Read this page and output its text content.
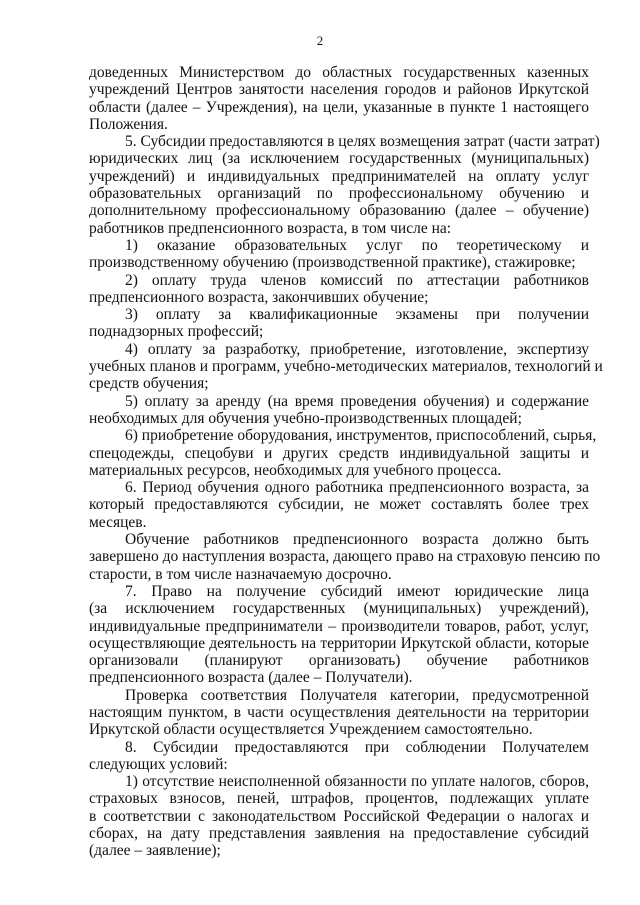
2
доведенных Министерством до областных государственных казенных
учреждений Центров занятости населения городов и районов Иркутской
области (далее – Учреждения), на цели, указанные в пункте 1 настоящего
Положения.
5. Субсидии предоставляются в целях возмещения затрат (части затрат)
юридических лиц (за исключением государственных (муниципальных)
учреждений) и индивидуальных предпринимателей на оплату услуг
образовательных организаций по профессиональному обучению и
дополнительному профессиональному образованию (далее – обучение)
работников предпенсионного возраста, в том числе на:
1) оказание образовательных услуг по теоретическому и
производственному обучению (производственной практике), стажировке;
2) оплату труда членов комиссий по аттестации работников
предпенсионного возраста, закончивших обучение;
3) оплату за квалификационные экзамены при получении
поднадзорных профессий;
4) оплату за разработку, приобретение, изготовление, экспертизу
учебных планов и программ, учебно-методических материалов, технологий и
средств обучения;
5) оплату за аренду (на время проведения обучения) и содержание
необходимых для обучения учебно-производственных площадей;
6) приобретение оборудования, инструментов, приспособлений, сырья,
спецодежды, спецобуви и других средств индивидуальной защиты и
материальных ресурсов, необходимых для учебного процесса.
6. Период обучения одного работника предпенсионного возраста, за
который предоставляются субсидии, не может составлять более трех
месяцев.
Обучение работников предпенсионного возраста должно быть
завершено до наступления возраста, дающего право на страховую пенсию по
старости, в том числе назначаемую досрочно.
7. Право на получение субсидий имеют юридические лица
(за исключением государственных (муниципальных) учреждений),
индивидуальные предприниматели – производители товаров, работ, услуг,
осуществляющие деятельность на территории Иркутской области, которые
организовали (планируют организовать) обучение работников
предпенсионного возраста (далее – Получатели).
Проверка соответствия Получателя категории, предусмотренной
настоящим пунктом, в части осуществления деятельности на территории
Иркутской области осуществляется Учреждением самостоятельно.
8. Субсидии предоставляются при соблюдении Получателем
следующих условий:
1) отсутствие неисполненной обязанности по уплате налогов, сборов,
страховых взносов, пеней, штрафов, процентов, подлежащих уплате
в соответствии с законодательством Российской Федерации о налогах и
сборах, на дату представления заявления на предоставление субсидий
(далее – заявление);
